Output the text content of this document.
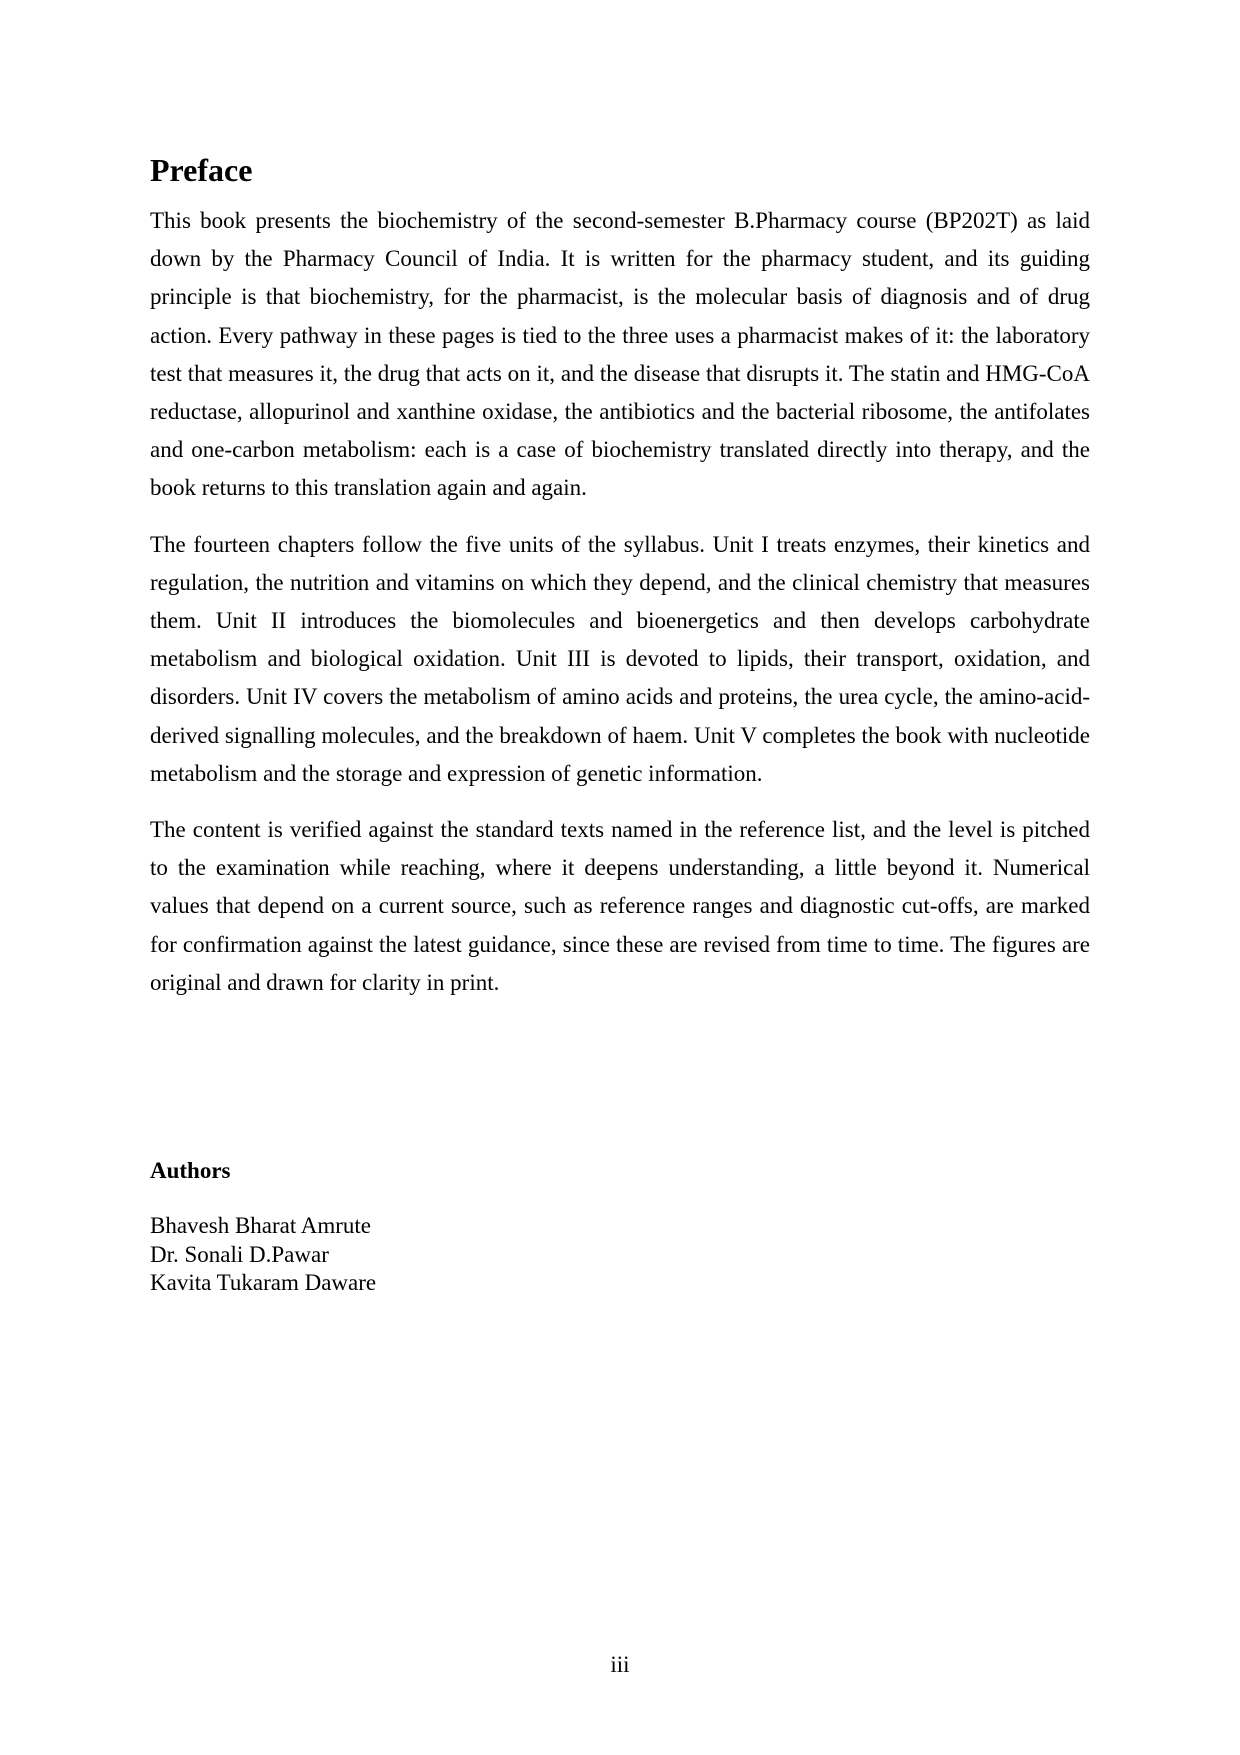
Preface

This book presents the biochemistry of the second-semester B.Pharmacy course (BP202T) as laid down by the Pharmacy Council of India. It is written for the pharmacy student, and its guiding principle is that biochemistry, for the pharmacist, is the molecular basis of diagnosis and of drug action. Every pathway in these pages is tied to the three uses a pharmacist makes of it: the laboratory test that measures it, the drug that acts on it, and the disease that disrupts it. The statin and HMG-CoA reductase, allopurinol and xanthine oxidase, the antibiotics and the bacterial ribosome, the antifolates and one-carbon metabolism: each is a case of biochemistry translated directly into therapy, and the book returns to this translation again and again.

The fourteen chapters follow the five units of the syllabus. Unit I treats enzymes, their kinetics and regulation, the nutrition and vitamins on which they depend, and the clinical chemistry that measures them. Unit II introduces the biomolecules and bioenergetics and then develops carbohydrate metabolism and biological oxidation. Unit III is devoted to lipids, their transport, oxidation, and disorders. Unit IV covers the metabolism of amino acids and proteins, the urea cycle, the amino-acid-derived signalling molecules, and the breakdown of haem. Unit V completes the book with nucleotide metabolism and the storage and expression of genetic information.

The content is verified against the standard texts named in the reference list, and the level is pitched to the examination while reaching, where it deepens understanding, a little beyond it. Numerical values that depend on a current source, such as reference ranges and diagnostic cut-offs, are marked for confirmation against the latest guidance, since these are revised from time to time. The figures are original and drawn for clarity in print.

Authors
Bhavesh Bharat Amrute
Dr. Sonali D.Pawar
Kavita Tukaram Daware
iii
